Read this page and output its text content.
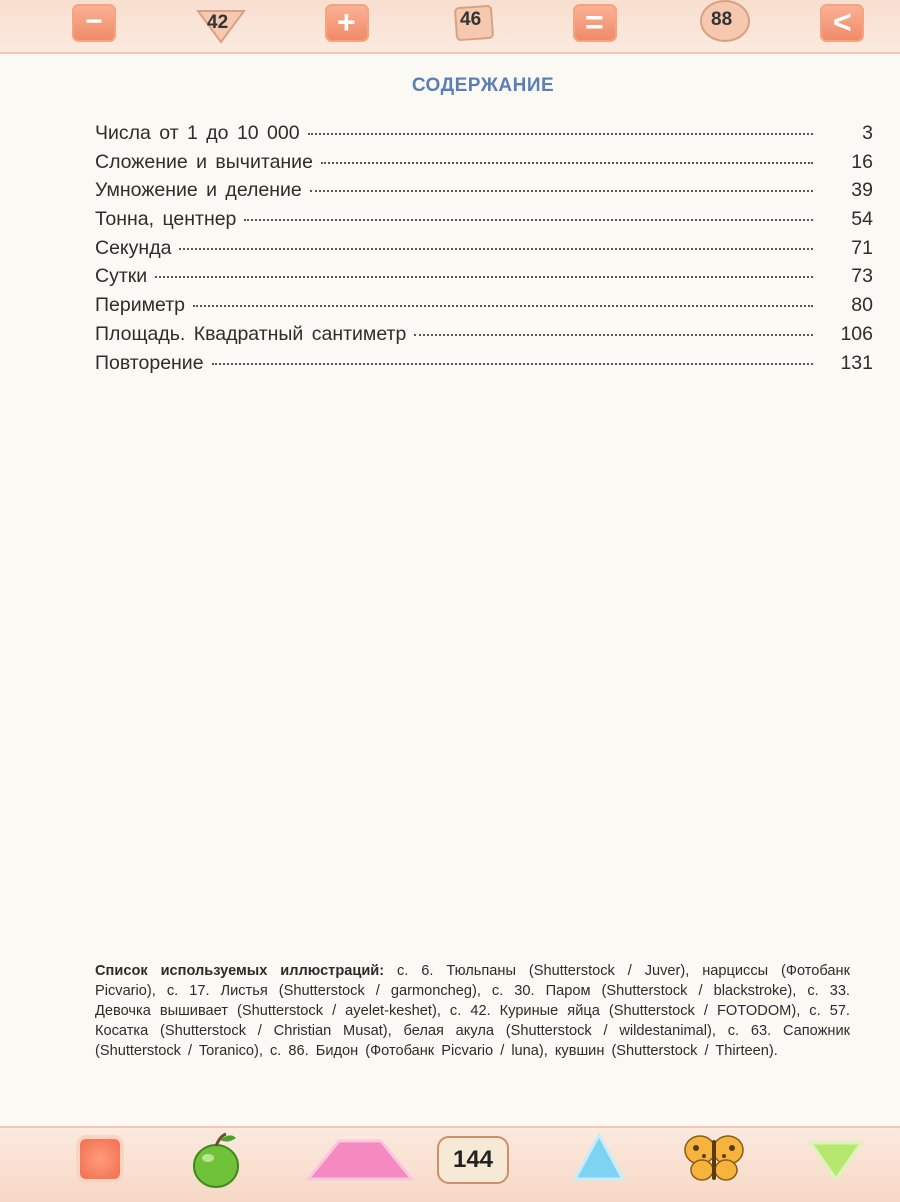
−	42	+	46	=	88	<
СОДЕРЖАНИЕ
Числа от 1 до 10 000	3
Сложение и вычитание	16
Умножение и деление	39
Тонна, центнер	54
Секунда	71
Сутки	73
Периметр	80
Площадь. Квадратный сантиметр	106
Повторение	131
Список используемых иллюстраций: с. 6. Тюльпаны (Shutterstock / Juver), нарциссы (Фотобанк Picvario), с. 17. Листья (Shutterstock / garmoncheg), с. 30. Паром (Shutterstock / blackstroke), с. 33. Девочка вышивает (Shutterstock / ayelet-keshet), с. 42. Куриные яйца (Shutterstock / FOTODOM), с. 57. Косатка (Shutterstock / Christian Musat), белая акула (Shutterstock / wildestanimal), с. 63. Сапожник (Shutterstock / Toranico), с. 86. Бидон (Фотобанк Picvario / luna), кувшин (Shutterstock / Thirteen).
144
